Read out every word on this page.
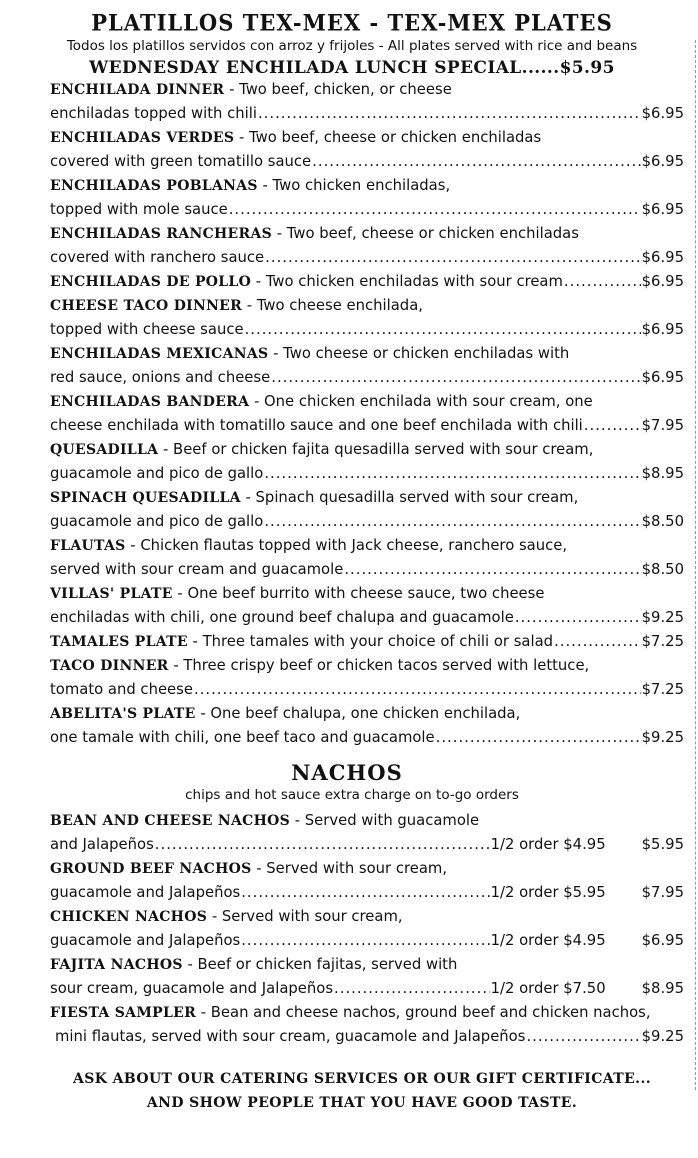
PLATILLOS TEX-MEX - TEX-MEX PLATES
Todos los platillos servidos con arroz y frijoles - All plates served with rice and beans
WEDNESDAY ENCHILADA LUNCH SPECIAL......$5.95
ENCHILADA DINNER - Two beef, chicken, or cheese
enchiladas topped with chili .....	$6.95
ENCHILADAS VERDES - Two beef, cheese or chicken enchiladas
covered with green tomatillo sauce .....	$6.95
ENCHILADAS POBLANAS - Two chicken enchiladas,
topped with mole sauce .....	$6.95
ENCHILADAS RANCHERAS - Two beef, cheese or chicken enchiladas
covered with ranchero sauce .....	$6.95
ENCHILADAS DE POLLO - Two chicken enchiladas with sour cream .....	$6.95
CHEESE TACO DINNER - Two cheese enchilada,
topped with cheese sauce .....	$6.95
ENCHILADAS MEXICANAS - Two cheese or chicken enchiladas with
red sauce, onions and cheese .....	$6.95
ENCHILADAS BANDERA - One chicken enchilada with sour cream, one
cheese enchilada with tomatillo sauce and one beef enchilada with chili .....	$7.95
QUESADILLA - Beef or chicken fajita quesadilla served with sour cream,
guacamole and pico de gallo .....	$8.95
SPINACH QUESADILLA - Spinach quesadilla served with sour cream,
guacamole and pico de gallo .....	$8.50
FLAUTAS - Chicken flautas topped with Jack cheese, ranchero sauce,
served with sour cream and guacamole .....	$8.50
VILLAS' PLATE - One beef burrito with cheese sauce, two cheese
enchiladas with chili, one ground beef chalupa and guacamole .....	$9.25
TAMALES PLATE - Three tamales with your choice of chili or salad .....	$7.25
TACO DINNER - Three crispy beef or chicken tacos served with lettuce,
tomato and cheese .....	$7.25
ABELITA'S PLATE - One beef chalupa, one chicken enchilada,
one tamale with chili, one beef taco and guacamole .....	$9.25
NACHOS
chips and hot sauce extra charge on to-go orders
BEAN AND CHEESE NACHOS - Served with guacamole
and Jalapeños .....	1/2 order $4.95 $5.95
GROUND BEEF NACHOS - Served with sour cream,
guacamole and Jalapeños .....	1/2 order $5.95 $7.95
CHICKEN NACHOS - Served with sour cream,
guacamole and Jalapeños .....	1/2 order $4.95 $6.95
FAJITA NACHOS - Beef or chicken fajitas, served with
sour cream, guacamole and Jalapeños .....	1/2 order $7.50 $8.95
FIESTA SAMPLER - Bean and cheese nachos, ground beef and chicken nachos,
mini flautas, served with sour cream, guacamole and Jalapeños .....	$9.25
ASK ABOUT OUR CATERING SERVICES OR OUR GIFT CERTIFICATE...
AND SHOW PEOPLE THAT YOU HAVE GOOD TASTE.
